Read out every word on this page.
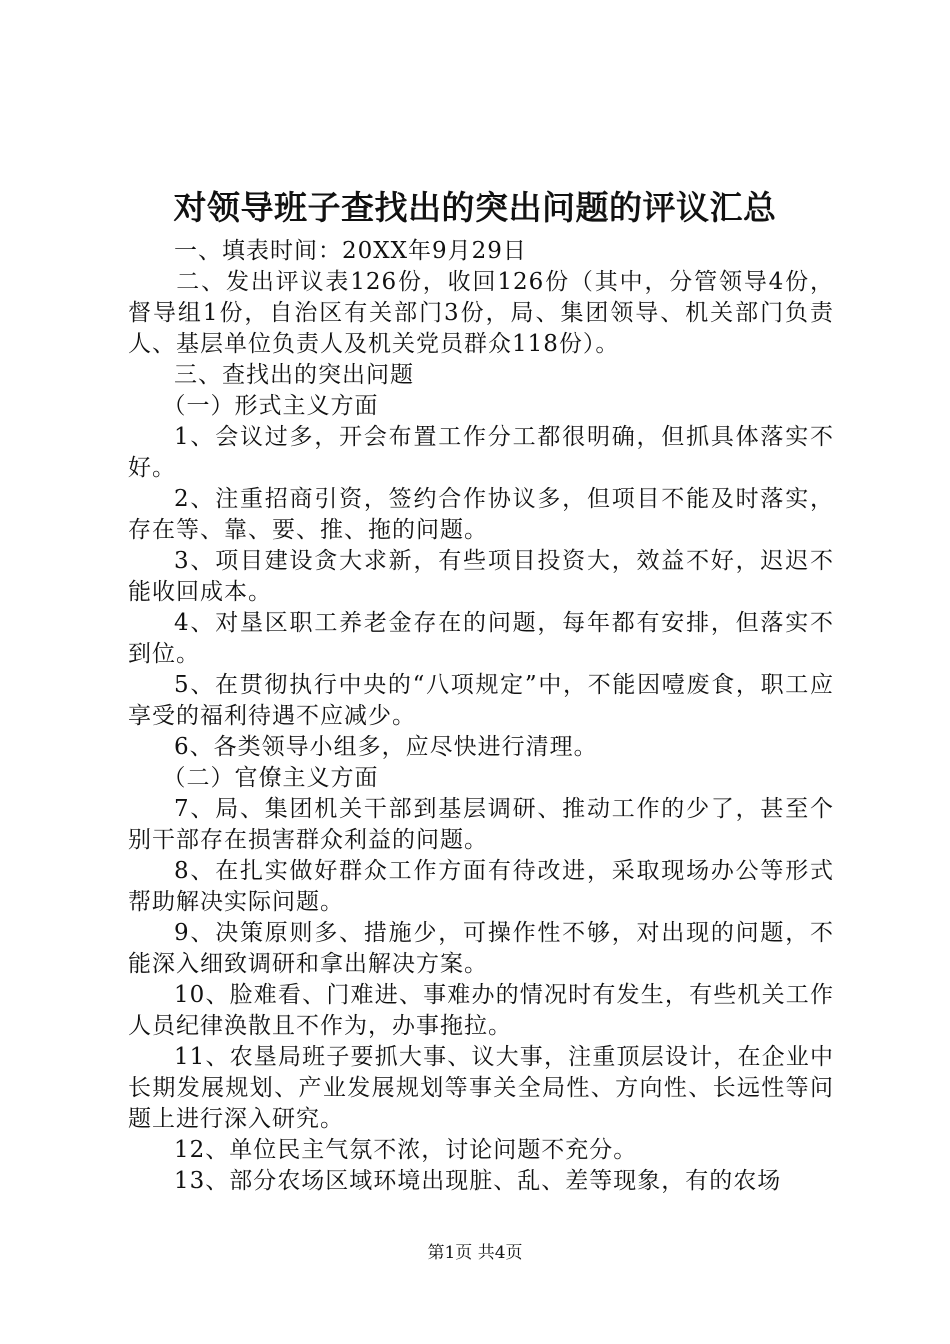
对领导班子查找出的突出问题的评议汇总

一、填表时间：20XX年9月29日

二、发出评议表126份，收回126份（其中，分管领导4份，督导组1份，自治区有关部门3份，局、集团领导、机关部门负责人、基层单位负责人及机关党员群众118份）。

三、查找出的突出问题

（一）形式主义方面

1、会议过多，开会布置工作分工都很明确，但抓具体落实不好。

2、注重招商引资，签约合作协议多，但项目不能及时落实，存在等、靠、要、推、拖的问题。

3、项目建设贪大求新，有些项目投资大，效益不好，迟迟不能收回成本。

4、对垦区职工养老金存在的问题，每年都有安排，但落实不到位。

5、在贯彻执行中央的“八项规定”中，不能因噎废食，职工应享受的福利待遇不应减少。

6、各类领导小组多，应尽快进行清理。

（二）官僚主义方面

7、局、集团机关干部到基层调研、推动工作的少了，甚至个别干部存在损害群众利益的问题。

8、在扎实做好群众工作方面有待改进，采取现场办公等形式帮助解决实际问题。

9、决策原则多、措施少，可操作性不够，对出现的问题，不能深入细致调研和拿出解决方案。

10、脸难看、门难进、事难办的情况时有发生，有些机关工作人员纪律涣散且不作为，办事拖拉。

11、农垦局班子要抓大事、议大事，注重顶层设计，在企业中长期发展规划、产业发展规划等事关全局性、方向性、长远性等问题上进行深入研究。

12、单位民主气氛不浓，讨论问题不充分。

13、部分农场区域环境出现脏、乱、差等现象，有的农场

第1页 共4页
